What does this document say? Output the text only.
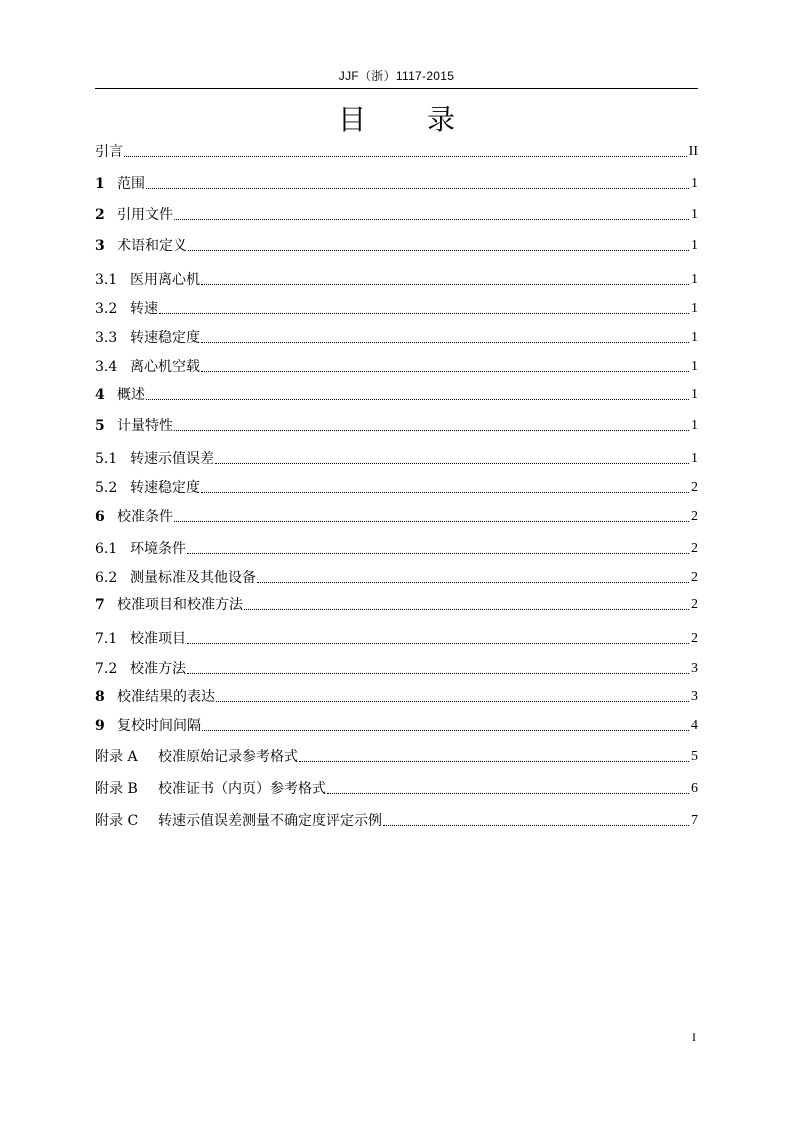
JJF（浙）1117-2015
目 录
引言	II
1 范围	1
2 引用文件	1
3 术语和定义	1
3.1 医用离心机	1
3.2 转速	1
3.3 转速稳定度	1
3.4 离心机空载	1
4 概述	1
5 计量特性	1
5.1 转速示值误差	1
5.2 转速稳定度	2
6 校准条件	2
6.1 环境条件	2
6.2 测量标准及其他设备	2
7 校准项目和校准方法	2
7.1 校准项目	2
7.2 校准方法	3
8 校准结果的表达	3
9 复校时间间隔	4
附录 A	校准原始记录参考格式	5
附录 B	校准证书（内页）参考格式	6
附录 C	转速示值误差测量不确定度评定示例	7
I
